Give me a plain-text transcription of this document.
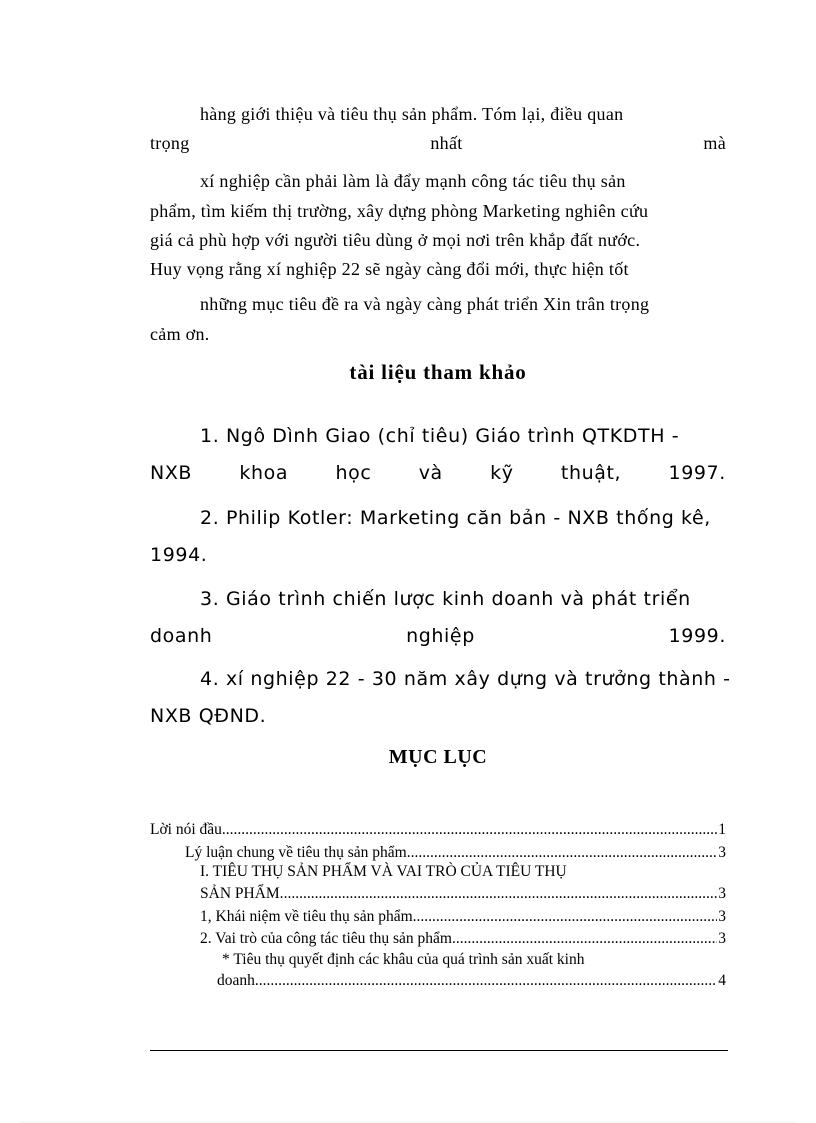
hàng giới thiệu và tiêu thụ sản phẩm. Tóm lại, điều quan
trọng	nhất	mà
xí nghiệp cần phải làm là đẩy mạnh công tác tiêu thụ sản
phẩm, tìm kiếm thị trường, xây dựng phòng Marketing nghiên cứu
giá cả phù hợp với người tiêu dùng ở mọi nơi trên khắp đất nước.
Huy vọng rằng xí nghiệp 22 sẽ ngày càng đổi mới, thực hiện tốt
những mục tiêu đề ra và ngày càng phát triển Xin trân trọng
cảm ơn.
tài liệu tham khảo
1. Ngô Dình Giao (chỉ tiêu) Giáo trình QTKDTH -
NXB khoa học và kỹ thuật, 1997.
2. Philip Kotler: Marketing căn bản - NXB thống kê,
1994.
3. Giáo trình chiến lược kinh doanh và phát triển
doanh	nghiệp	1999.
4. xí nghiệp 22 - 30 năm xây dựng và trưởng thành -
NXB QĐND.
MỤC LỤC
Lời nói đầu .....	1
Lý luận chung về tiêu thụ sản phẩm .....	3
I. TIÊU THỤ SẢN PHẨM VÀ VAI TRÒ CỦA TIÊU THỤ
SẢN PHẨM. .....	3
1, Khái niệm về tiêu thụ sản phẩm. .....	3
2. Vai trò của công tác tiêu thụ sản phẩm .....	3
* Tiêu thụ quyết định các khâu của quá trình sản xuất kinh
doanh. .....	4
